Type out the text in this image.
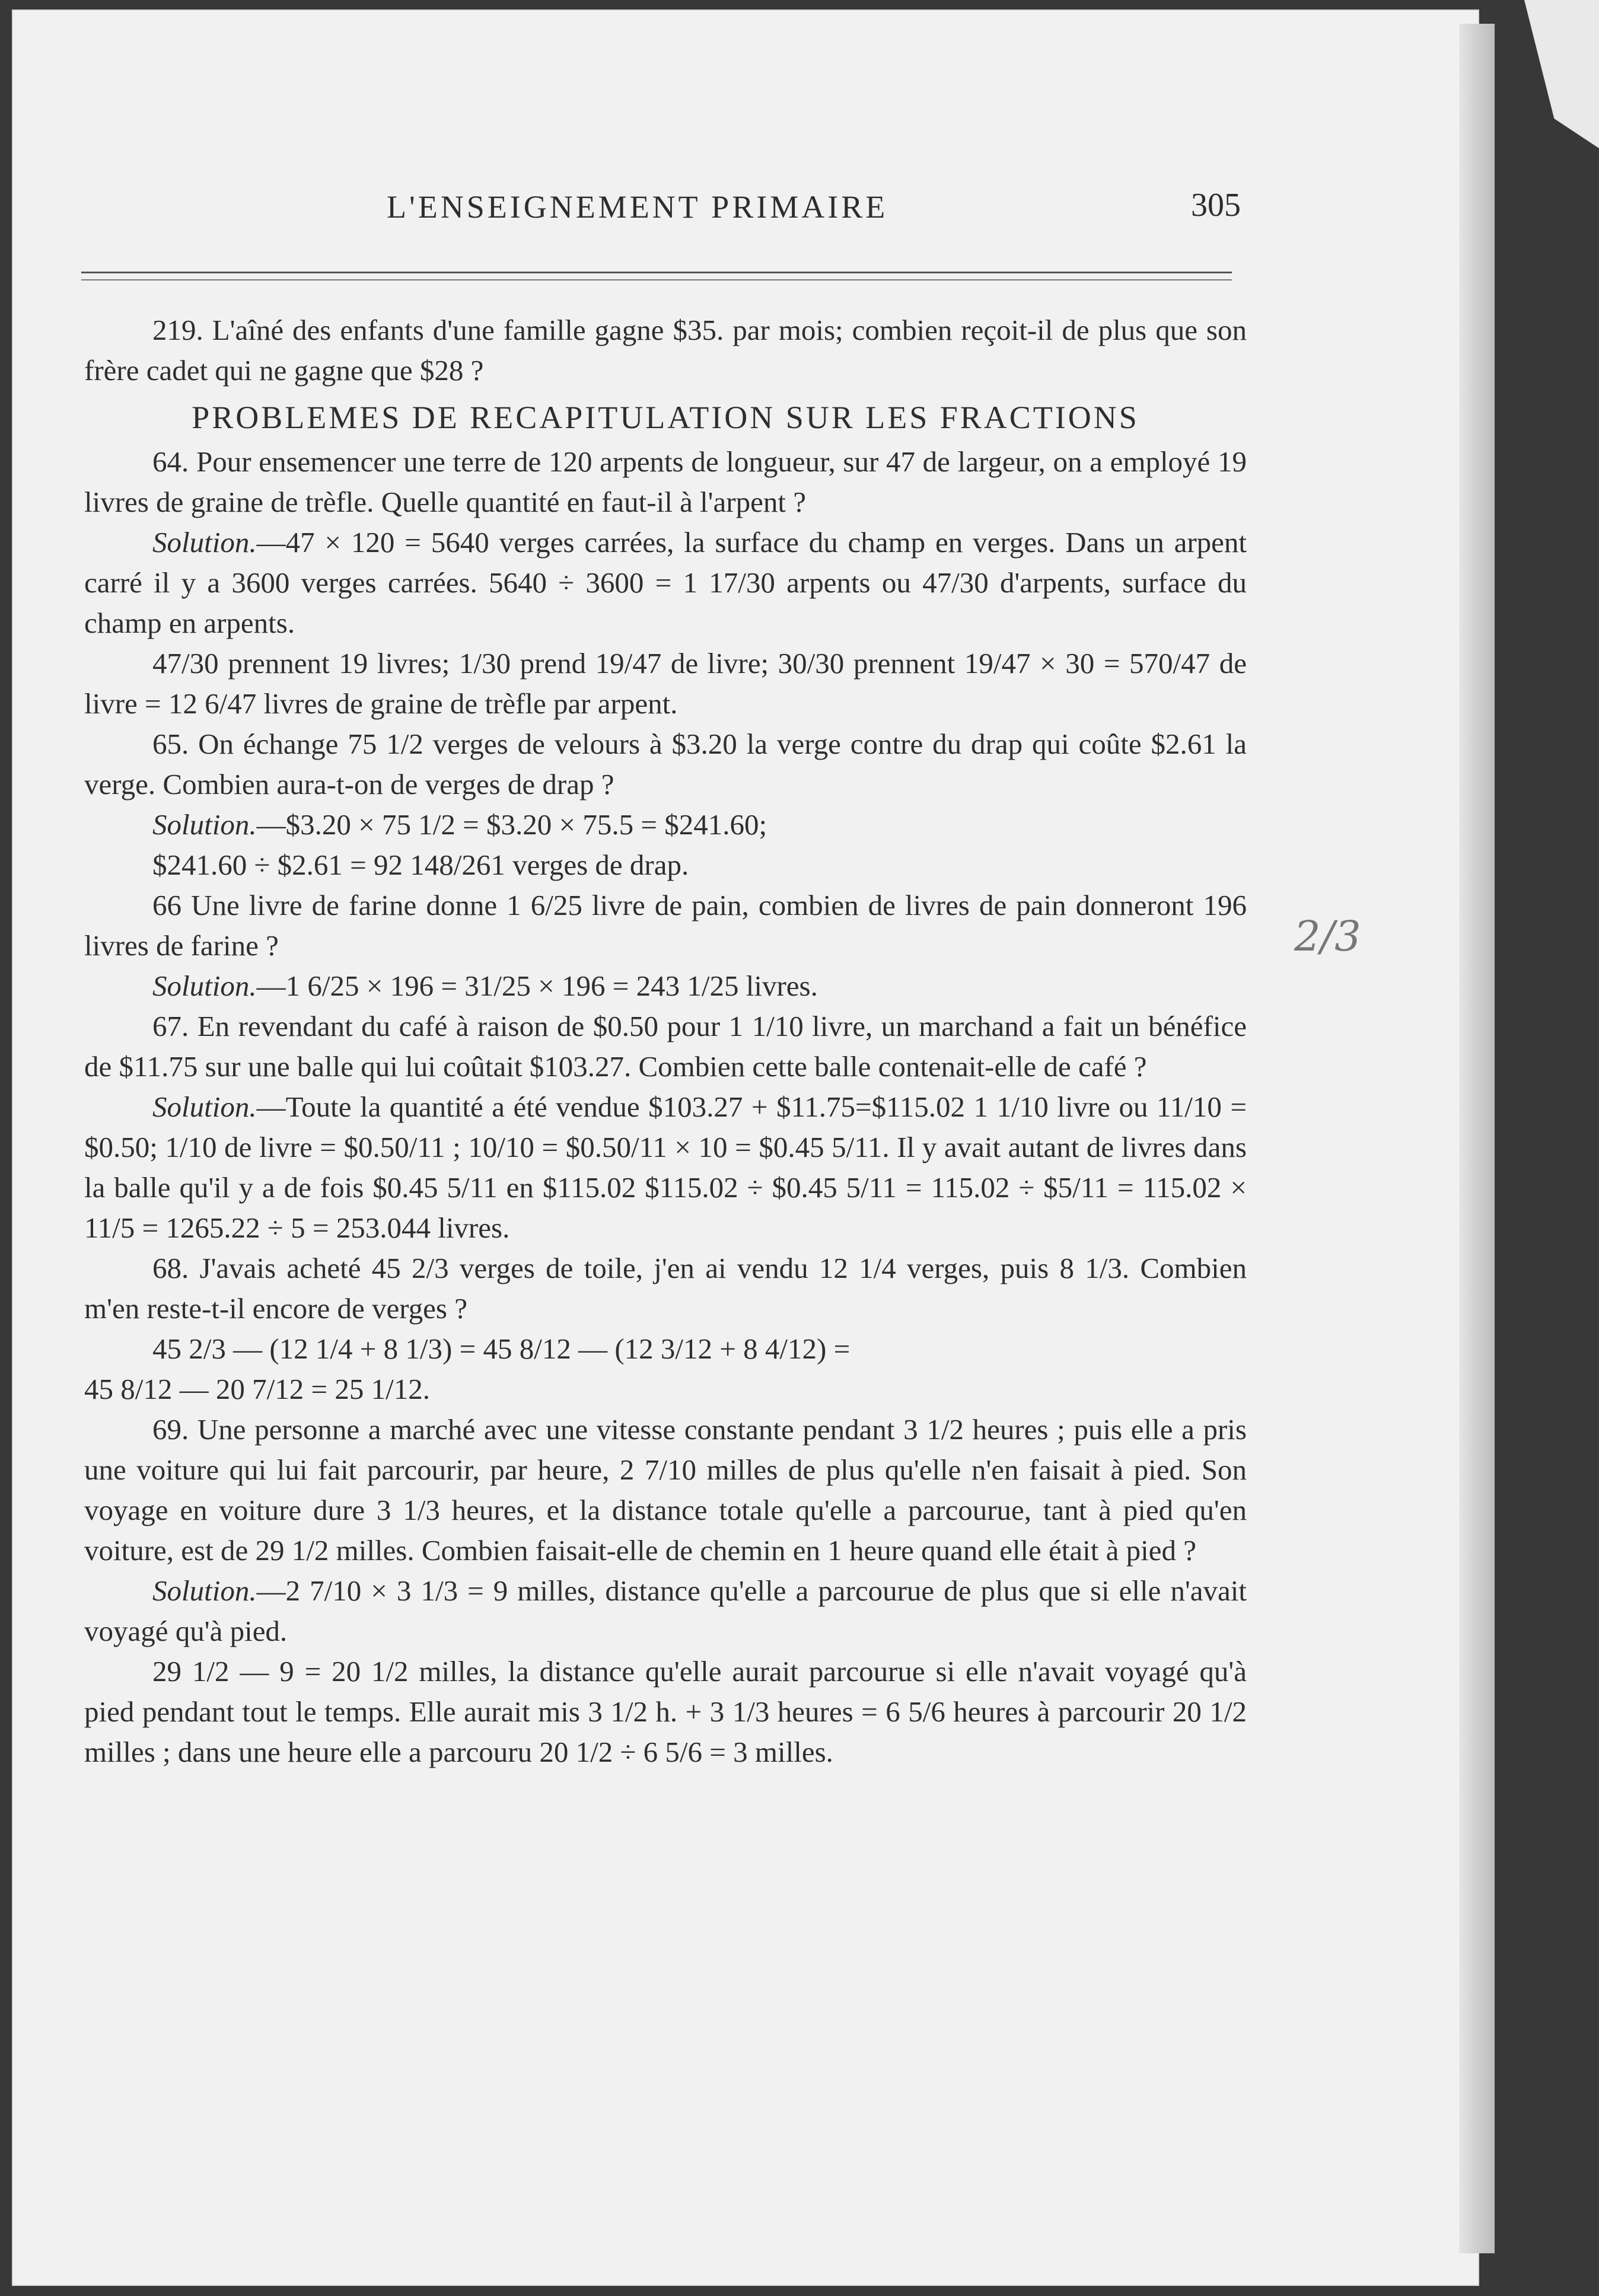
L'ENSEIGNEMENT PRIMAIRE	305

219. L'aîné des enfants d'une famille gagne $35. par mois; combien reçoit-il de plus que son frère cadet qui ne gagne que $28 ?

PROBLEMES DE RECAPITULATION SUR LES FRACTIONS

64. Pour ensemencer une terre de 120 arpents de longueur, sur 47 de largeur, on a employé 19 livres de graine de trèfle. Quelle quantité en faut-il à l'arpent ?

Solution.—47 × 120 = 5640 verges carrées, la surface du champ en verges. Dans un arpent carré il y a 3600 verges carrées. 5640 ÷ 3600 = 1 17/30 arpents ou 47/30 d'arpents, surface du champ en arpents.

47/30 prennent 19 livres; 1/30 prend 19/47 de livre; 30/30 prennent 19/47 × 30 = 570/47 de livre = 12 6/47 livres de graine de trèfle par arpent.

65. On échange 75 1/2 verges de velours à $3.20 la verge contre du drap qui coûte $2.61 la verge. Combien aura-t-on de verges de drap ?

Solution.—$3.20 × 75 1/2 = $3.20 × 75.5 = $241.60;

$241.60 ÷ $2.61 = 92 148/261 verges de drap.

66 Une livre de farine donne 1 6/25 livre de pain, combien de livres de pain donneront 196 livres de farine ?

Solution.—1 6/25 × 196 = 31/25 × 196 = 243 1/25 livres.

67. En revendant du café à raison de $0.50 pour 1 1/10 livre, un marchand a fait un bénéfice de $11.75 sur une balle qui lui coûtait $103.27. Combien cette balle contenait-elle de café ?

Solution.—Toute la quantité a été vendue $103.27 + $11.75=$115.02 1 1/10 livre ou 11/10 = $0.50; 1/10 de livre = $0.50/11 ; 10/10 = $0.50/11 × 10 = $0.45 5/11. Il y avait autant de livres dans la balle qu'il y a de fois $0.45 5/11 en $115.02 $115.02 ÷ $0.45 5/11 = 115.02 ÷ $5/11 = 115.02 × 11/5 = 1265.22 ÷ 5 = 253.044 livres.

68. J'avais acheté 45 2/3 verges de toile, j'en ai vendu 12 1/4 verges, puis 8 1/3. Combien m'en reste-t-il encore de verges ?

45 2/3 — (12 1/4 + 8 1/3) = 45 8/12 — (12 3/12 + 8 4/12) =

45 8/12 — 20 7/12 = 25 1/12.

69. Une personne a marché avec une vitesse constante pendant 3 1/2 heures ; puis elle a pris une voiture qui lui fait parcourir, par heure, 2 7/10 milles de plus qu'elle n'en faisait à pied. Son voyage en voiture dure 3 1/3 heures, et la distance totale qu'elle a parcourue, tant à pied qu'en voiture, est de 29 1/2 milles. Combien faisait-elle de chemin en 1 heure quand elle était à pied ?

Solution.—2 7/10 × 3 1/3 = 9 milles, distance qu'elle a parcourue de plus que si elle n'avait voyagé qu'à pied.

29 1/2 — 9 = 20 1/2 milles, la distance qu'elle aurait parcourue si elle n'avait voyagé qu'à pied pendant tout le temps. Elle aurait mis 3 1/2 h. + 3 1/3 heures = 6 5/6 heures à parcourir 20 1/2 milles ; dans une heure elle a parcouru 20 1/2 ÷ 6 5/6 = 3 milles.

2/3
